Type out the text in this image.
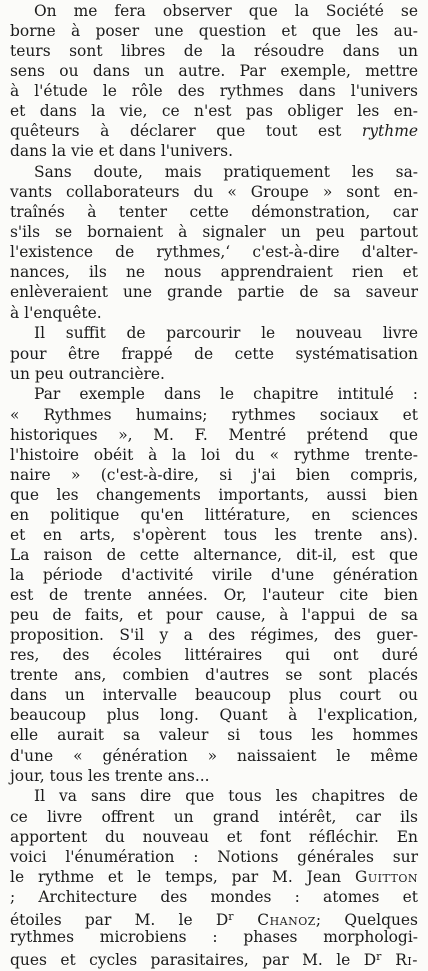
On me fera observer que la Société se
borne à poser une question et que les au-
teurs sont libres de la résoudre dans un
sens ou dans un autre. Par exemple, mettre
à l'étude le rôle des rythmes dans l'univers
et dans la vie, ce n'est pas obliger les en-
quêteurs à déclarer que tout est rythme
dans la vie et dans l'univers.
Sans doute, mais pratiquement les sa-
vants collaborateurs du « Groupe » sont en-
traînés à tenter cette démonstration, car
s'ils se bornaient à signaler un peu partout
l'existence de rythmes,‘ c'est-à-dire d'alter-
nances, ils ne nous apprendraient rien et
enlèveraient une grande partie de sa saveur
à l'enquête.
Il suffit de parcourir le nouveau livre
pour être frappé de cette systématisation
un peu outrancière.
Par exemple dans le chapitre intitulé :
« Rythmes humains; rythmes sociaux et
historiques », M. F. Mentré prétend que
l'histoire obéit à la loi du « rythme trente-
naire » (c'est-à-dire, si j'ai bien compris,
que les changements importants, aussi bien
en politique qu'en littérature, en sciences
et en arts, s'opèrent tous les trente ans).
La raison de cette alternance, dit-il, est que
la période d'activité virile d'une génération
est de trente années. Or, l'auteur cite bien
peu de faits, et pour cause, à l'appui de sa
proposition. S'il y a des régimes, des guer-
res, des écoles littéraires qui ont duré
trente ans, combien d'autres se sont placés
dans un intervalle beaucoup plus court ou
beaucoup plus long. Quant à l'explication,
elle aurait sa valeur si tous les hommes
d'une « génération » naissaient le même
jour, tous les trente ans...
Il va sans dire que tous les chapitres de
ce livre offrent un grand intérêt, car ils
apportent du nouveau et font réfléchir. En
voici l'énumération : Notions générales sur
le rythme et le temps, par M. Jean Guitton
; Architecture des mondes : atomes et
étoiles par M. le $D^r$ Chanoz; Quelques
rythmes microbiens : phases morphologi-
ques et cycles parasitaires, par M. le $D^r$ Ri-
